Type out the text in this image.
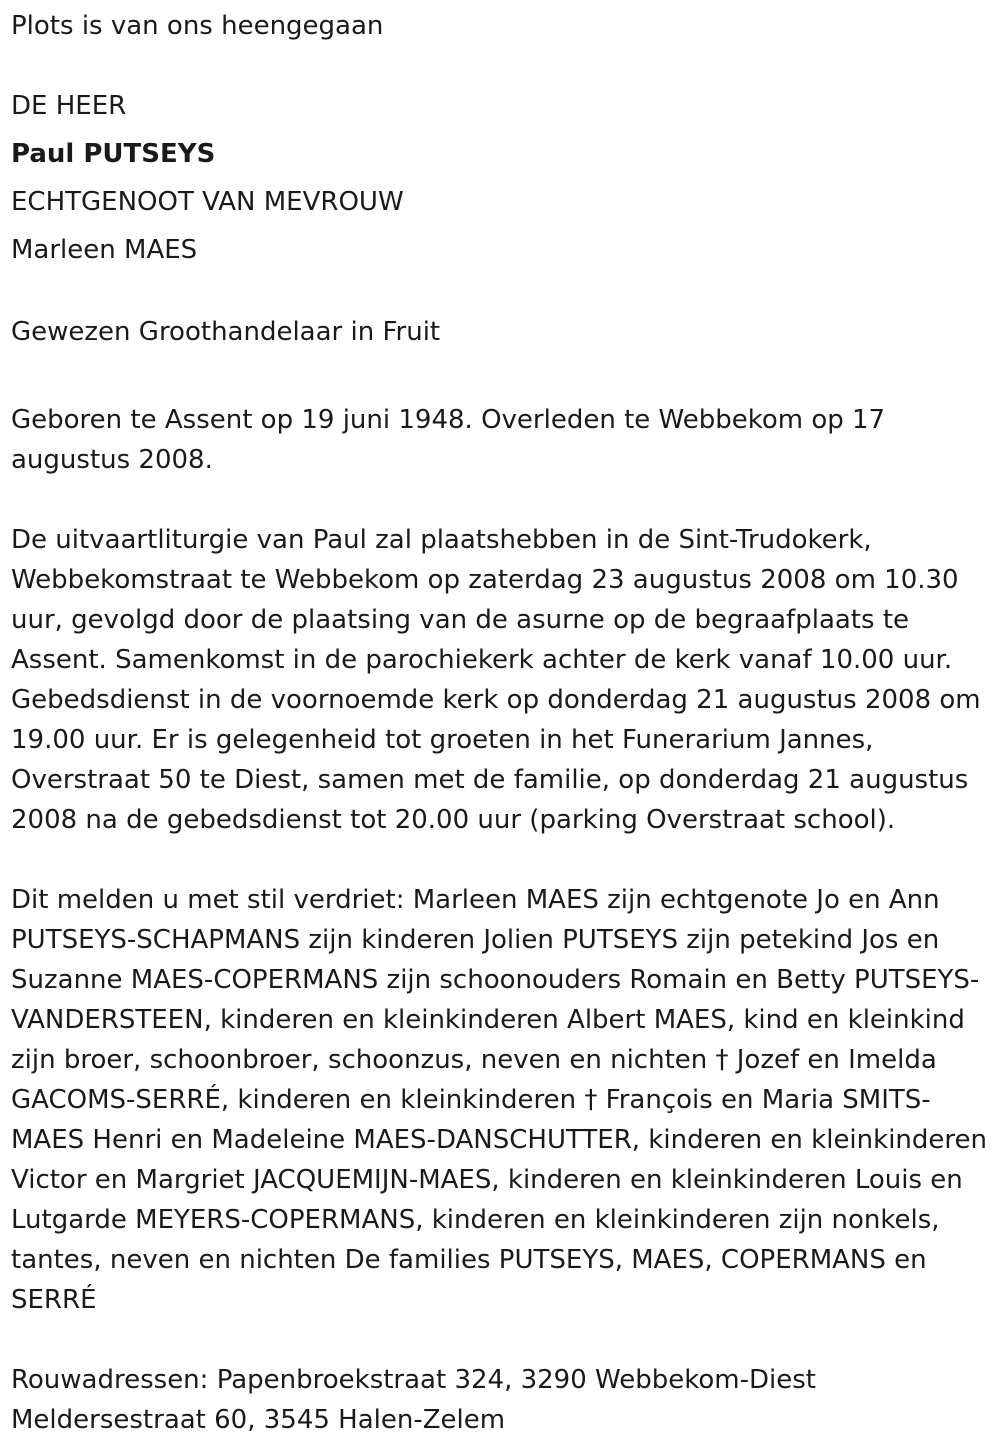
Plots is van ons heengegaan
DE HEER
Paul PUTSEYS
ECHTGENOOT VAN MEVROUW
Marleen MAES
Gewezen Groothandelaar in Fruit

Geboren te Assent op 19 juni 1948. Overleden te Webbekom op 17 augustus 2008.

De uitvaartliturgie van Paul zal plaatshebben in de Sint-Trudokerk, Webbekomstraat te Webbekom op zaterdag 23 augustus 2008 om 10.30 uur, gevolgd door de plaatsing van de asurne op de begraafplaats te Assent. Samenkomst in de parochiekerk achter de kerk vanaf 10.00 uur. Gebedsdienst in de voornoemde kerk op donderdag 21 augustus 2008 om 19.00 uur. Er is gelegenheid tot groeten in het Funerarium Jannes, Overstraat 50 te Diest, samen met de familie, op donderdag 21 augustus 2008 na de gebedsdienst tot 20.00 uur (parking Overstraat school).

Dit melden u met stil verdriet: Marleen MAES zijn echtgenote Jo en Ann PUTSEYS-SCHAPMANS zijn kinderen Jolien PUTSEYS zijn petekind Jos en Suzanne MAES-COPERMANS zijn schoonouders Romain en Betty PUTSEYS-VANDERSTEEN, kinderen en kleinkinderen Albert MAES, kind en kleinkind zijn broer, schoonbroer, schoonzus, neven en nichten † Jozef en Imelda GACOMS-SERRÉ, kinderen en kleinkinderen † François en Maria SMITS-MAES Henri en Madeleine MAES-DANSCHUTTER, kinderen en kleinkinderen Victor en Margriet JACQUEMIJN-MAES, kinderen en kleinkinderen Louis en Lutgarde MEYERS-COPERMANS, kinderen en kleinkinderen zijn nonkels, tantes, neven en nichten De families PUTSEYS, MAES, COPERMANS en SERRÉ

Rouwadressen: Papenbroekstraat 324, 3290 Webbekom-Diest
Meldersestraat 60, 3545 Halen-Zelem
